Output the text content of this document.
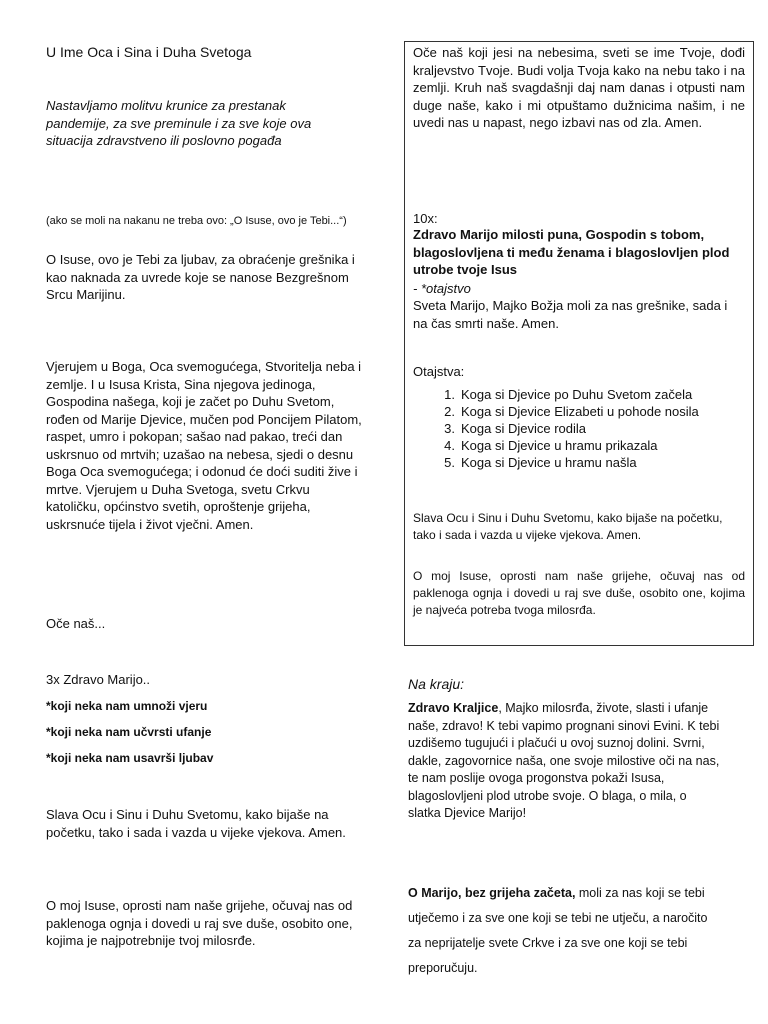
U Ime Oca i Sina i Duha Svetoga

Nastavljamo molitvu krunice za prestanak pandemije, za sve preminule i za sve koje ova situacija zdravstveno ili poslovno pogađa

(ako se moli na nakanu ne treba ovo: „O Isuse, ovo je Tebi...“)

O Isuse, ovo je Tebi za ljubav, za obraćenje grešnika i kao naknada za uvrede koje se nanose Bezgrešnom Srcu Marijinu.

Vjerujem u Boga, Oca svemogućega, Stvoritelja neba i zemlje. I u Isusa Krista, Sina njegova jedinoga, Gospodina našega, koji je začet po Duhu Svetom, rođen od Marije Djevice, mučen pod Poncijem Pilatom, raspet, umro i pokopan; sašao nad pakao, treći dan uskrsnuo od mrtvih; uzašao na nebesa, sjedi o desnu Boga Oca svemogućega; i odonud će doći suditi žive i mrtve. Vjerujem u Duha Svetoga, svetu Crkvu katoličku, općinstvo svetih, oproštenje grijeha, uskrsnuće tijela i život vječni. Amen.

Oče naš...

3x Zdravo Marijo..

*koji neka nam umnoži vjeru

*koji neka nam učvrsti ufanje

*koji neka nam usavrši ljubav

Slava Ocu i Sinu i Duhu Svetomu, kako bijaše na početku, tako i sada i vazda u vijeke vjekova. Amen.

O moj Isuse, oprosti nam naše grijehe, očuvaj nas od paklenoga ognja i dovedi u raj sve duše, osobito one, kojima je najpotrebnije tvoj milosrđe.

Oče naš koji jesi na nebesima, sveti se ime Tvoje, dođi kraljevstvo Tvoje. Budi volja Tvoja kako na nebu tako i na zemlji. Kruh naš svagdašnji daj nam danas i otpusti nam duge naše, kako i mi otpuštamo dužnicima našim, i ne uvedi nas u napast, nego izbavi nas od zla. Amen.

10x:

Zdravo Marijo milosti puna, Gospodin s tobom, blagoslovljena ti među ženama i blagoslovljen plod utrobe tvoje Isus

- *otajstvo

Sveta Marijo, Majko Božja moli za nas grešnike, sada i na čas smrti naše. Amen.

Otajstva:

1. Koga si Djevice po Duhu Svetom začela
2. Koga si Djevice Elizabeti u pohode nosila
3. Koga si Djevice rodila
4. Koga si Djevice u hramu prikazala
5. Koga si Djevice u hramu našla

Slava Ocu i Sinu i Duhu Svetomu, kako bijaše na početku, tako i sada i vazda u vijeke vjekova. Amen.

O moj Isuse, oprosti nam naše grijehe, očuvaj nas od paklenoga ognja i dovedi u raj sve duše, osobito one, kojima je najveća potreba tvoga milosrđa.

Na kraju:

Zdravo Kraljice, Majko milosrđa, živote, slasti i ufanje naše, zdravo! K tebi vapimo prognani sinovi Evini. K tebi uzdišemo tugujući i plačući u ovoj suznoj dolini. Svrni, dakle, zagovornice naša, one svoje milostive oči na nas, te nam poslije ovoga progonstva pokaži Isusa, blagoslovljeni plod utrobe svoje. O blaga, o mila, o slatka Djevice Marijo!

O Marijo, bez grijeha začeta, moli za nas koji se tebi utječemo i za sve one koji se tebi ne utječu, a naročito za neprijatelje svete Crkve i za sve one koji se tebi preporučuju.
